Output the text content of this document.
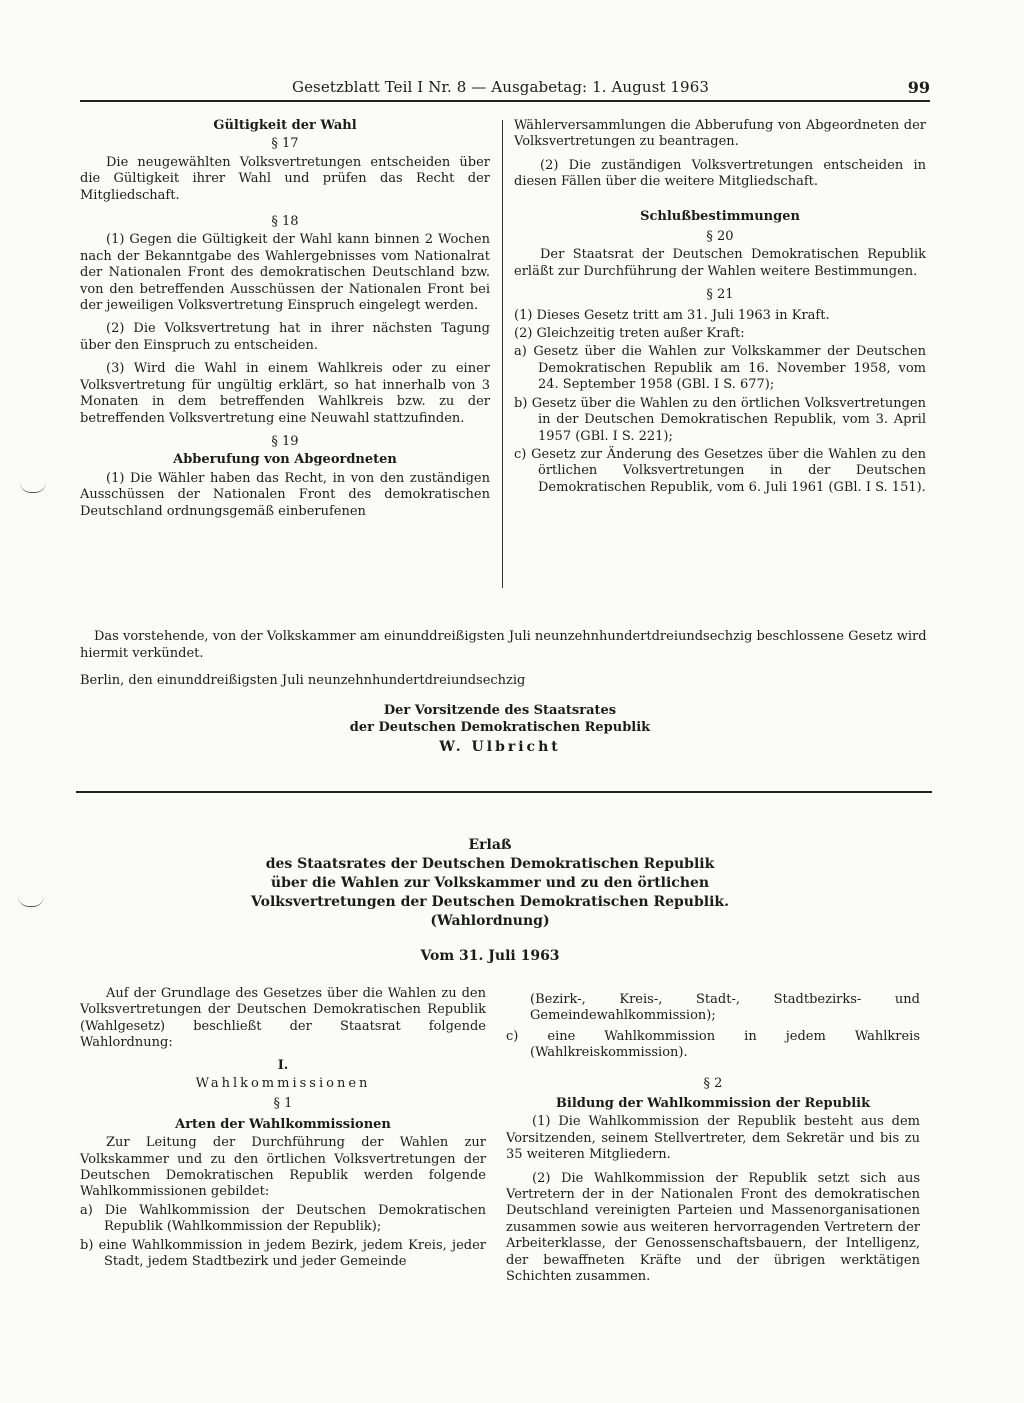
Gesetzblatt Teil I Nr. 8 — Ausgabetag: 1. August 1963	99
Gültigkeit der Wahl
§ 17

Die neugewählten Volksvertretungen entscheiden über die Gültigkeit ihrer Wahl und prüfen das Recht der Mitgliedschaft.

§ 18

(1) Gegen die Gültigkeit der Wahl kann binnen 2 Wochen nach der Bekanntgabe des Wahlergebnisses vom Nationalrat der Nationalen Front des demokratischen Deutschland bzw. von den betreffenden Ausschüssen der Nationalen Front bei der jeweiligen Volksvertretung Einspruch eingelegt werden.

(2) Die Volksvertretung hat in ihrer nächsten Tagung über den Einspruch zu entscheiden.

(3) Wird die Wahl in einem Wahlkreis oder zu einer Volksvertretung für ungültig erklärt, so hat innerhalb von 3 Monaten in dem betreffenden Wahlkreis bzw. zu der betreffenden Volksvertretung eine Neuwahl stattzufinden.

§ 19
Abberufung von Abgeordneten

(1) Die Wähler haben das Recht, in von den zuständigen Ausschüssen der Nationalen Front des demokratischen Deutschland ordnungsgemäß einberufenen

Wählerversammlungen die Abberufung von Abgeordneten der Volksvertretungen zu beantragen.

(2) Die zuständigen Volksvertretungen entscheiden in diesen Fällen über die weitere Mitgliedschaft.

Schlußbestimmungen
§ 20

Der Staatsrat der Deutschen Demokratischen Republik erläßt zur Durchführung der Wahlen weitere Bestimmungen.

§ 21

(1) Dieses Gesetz tritt am 31. Juli 1963 in Kraft.

(2) Gleichzeitig treten außer Kraft:

a) Gesetz über die Wahlen zur Volkskammer der Deutschen Demokratischen Republik am 16. November 1958, vom 24. September 1958 (GBl. I S. 677);

b) Gesetz über die Wahlen zu den örtlichen Volksvertretungen in der Deutschen Demokratischen Republik, vom 3. April 1957 (GBl. I S. 221);

c) Gesetz zur Änderung des Gesetzes über die Wahlen zu den örtlichen Volksvertretungen in der Deutschen Demokratischen Republik, vom 6. Juli 1961 (GBl. I S. 151).

Das vorstehende, von der Volkskammer am einunddreißigsten Juli neunzehnhundertdreiundsechzig beschlossene Gesetz wird hiermit verkündet.

Berlin, den einunddreißigsten Juli neunzehnhundertdreiundsechzig

Der Vorsitzende des Staatsrates
der Deutschen Demokratischen Republik
W. Ulbricht
Erlaß
des Staatsrates der Deutschen Demokratischen Republik
über die Wahlen zur Volkskammer und zu den örtlichen
Volksvertretungen der Deutschen Demokratischen Republik.
(Wahlordnung)
Vom 31. Juli 1963

Auf der Grundlage des Gesetzes über die Wahlen zu den Volksvertretungen der Deutschen Demokratischen Republik (Wahlgesetz) beschließt der Staatsrat folgende Wahlordnung:

I.
Wahlkommissionen
§ 1
Arten der Wahlkommissionen

Zur Leitung der Durchführung der Wahlen zur Volkskammer und zu den örtlichen Volksvertretungen der Deutschen Demokratischen Republik werden folgende Wahlkommissionen gebildet:

a) Die Wahlkommission der Deutschen Demokratischen Republik (Wahlkommission der Republik);

b) eine Wahlkommission in jedem Bezirk, jedem Kreis, jeder Stadt, jedem Stadtbezirk und jeder Gemeinde

(Bezirk-, Kreis-, Stadt-, Stadtbezirks- und Gemeindewahlkommission);

c) eine Wahlkommission in jedem Wahlkreis (Wahlkreiskommission).

§ 2
Bildung der Wahlkommission der Republik

(1) Die Wahlkommission der Republik besteht aus dem Vorsitzenden, seinem Stellvertreter, dem Sekretär und bis zu 35 weiteren Mitgliedern.

(2) Die Wahlkommission der Republik setzt sich aus Vertretern der in der Nationalen Front des demokratischen Deutschland vereinigten Parteien und Massenorganisationen zusammen sowie aus weiteren hervorragenden Vertretern der Arbeiterklasse, der Genossenschaftsbauern, der Intelligenz, der bewaffneten Kräfte und der übrigen werktätigen Schichten zusammen.
